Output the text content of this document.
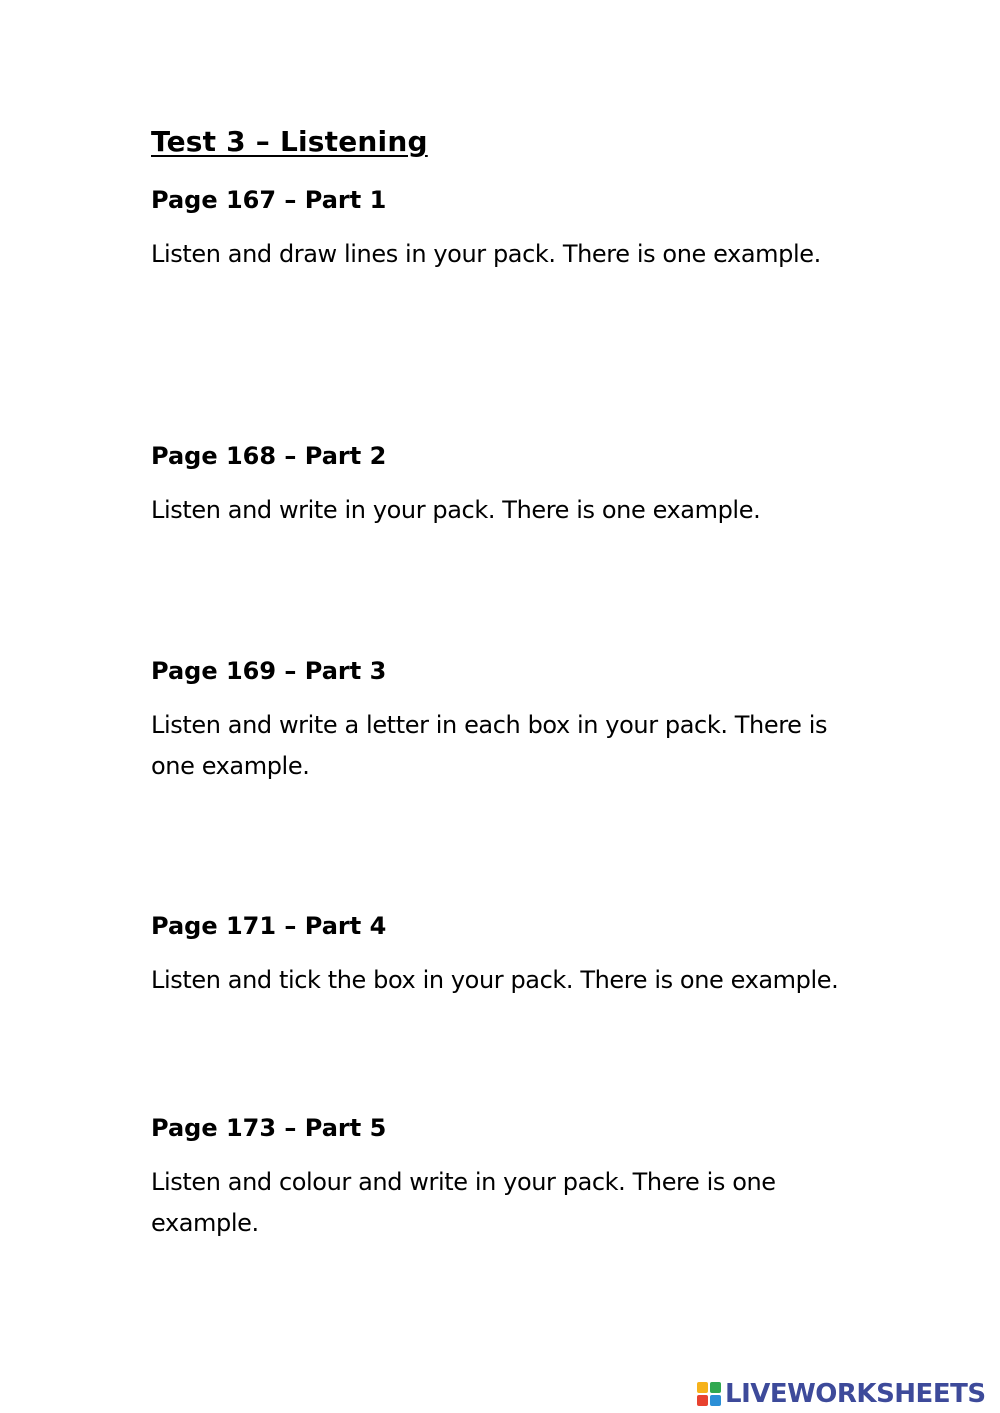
Test 3 – Listening
Page 167 – Part 1

Listen and draw lines in your pack. There is one example.

Page 168 – Part 2

Listen and write in your pack. There is one example.

Page 169 – Part 3

Listen and write a letter in each box in your pack. There is one example.

Page 171 – Part 4

Listen and tick the box in your pack. There is one example.

Page 173 – Part 5

Listen and colour and write in your pack. There is one example.

LIVEWORKSHEETS
